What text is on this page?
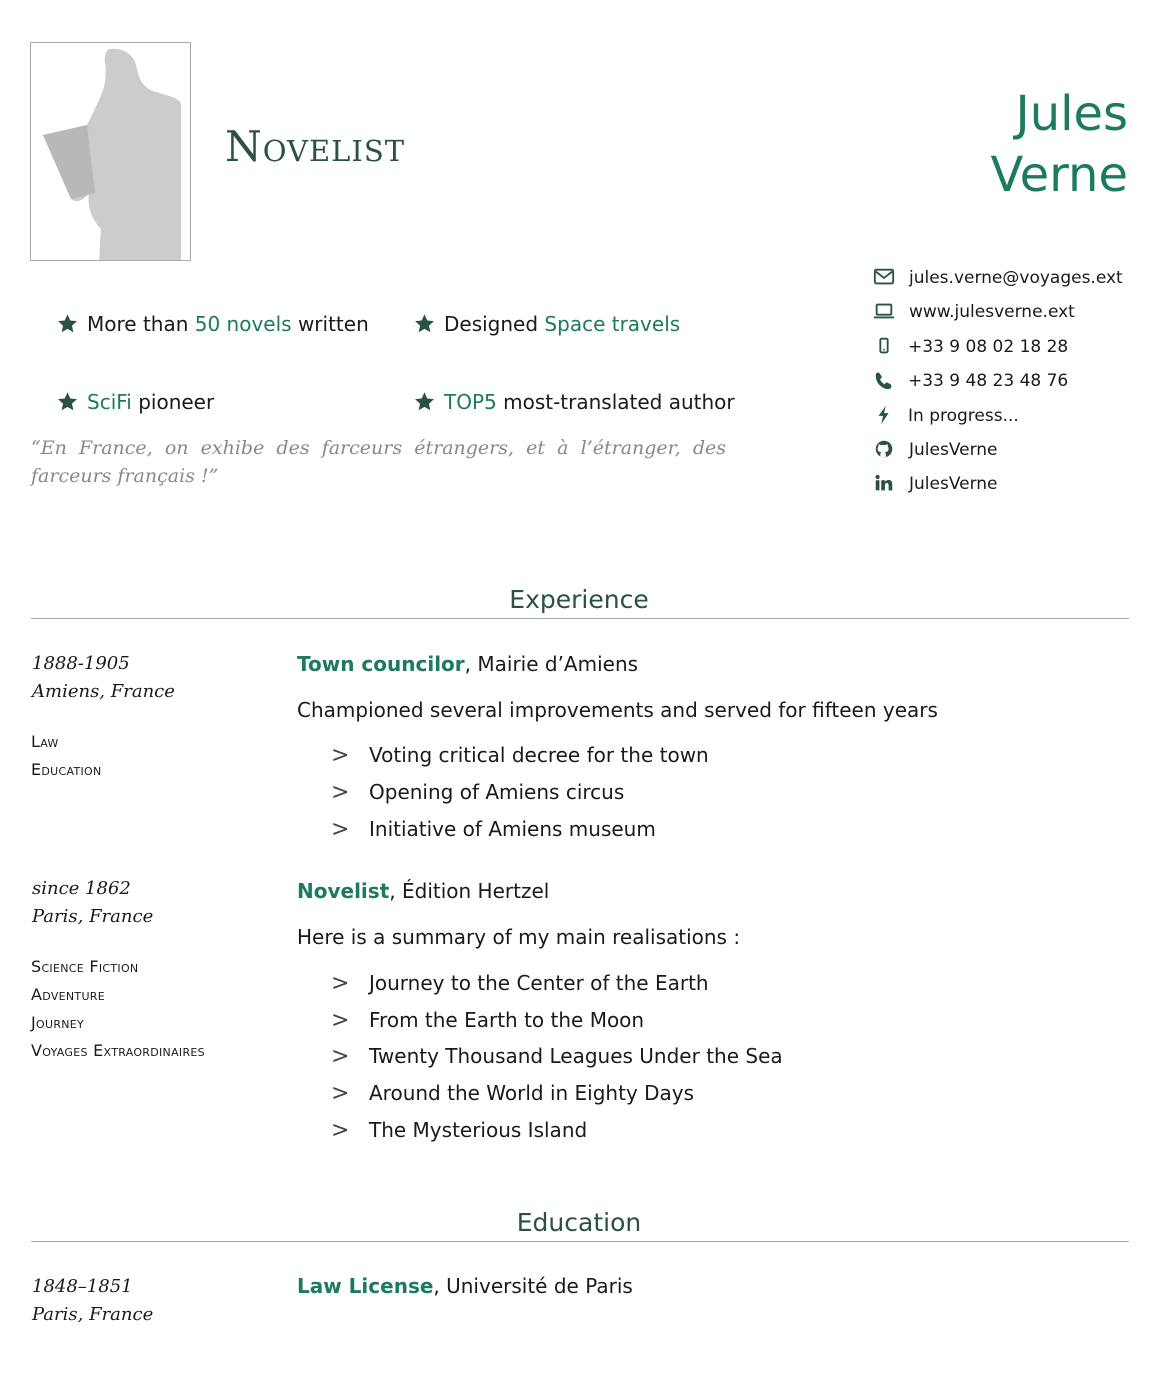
Novelist
Jules
Verne
More than 50 novels written	Designed Space travels
SciFi pioneer	TOP5 most-translated author
“En France, on exhibe des farceurs étrangers, et à l’étranger, des farceurs français !”
jules.verne@voyages.ext
www.julesverne.ext
+33 9 08 02 18 28
+33 9 48 23 48 76
In progress...
JulesVerne
JulesVerne
Experience
1888-1905
Amiens, France
Law
Education
Town councilor, Mairie d’Amiens
Championed several improvements and served for fifteen years
> Voting critical decree for the town
> Opening of Amiens circus
> Initiative of Amiens museum
since 1862
Paris, France
Science Fiction
Adventure
Journey
Voyages Extraordinaires
Novelist, Édition Hertzel
Here is a summary of my main realisations :
> Journey to the Center of the Earth
> From the Earth to the Moon
> Twenty Thousand Leagues Under the Sea
> Around the World in Eighty Days
> The Mysterious Island
Education
1848–1851
Paris, France
Law License, Université de Paris
